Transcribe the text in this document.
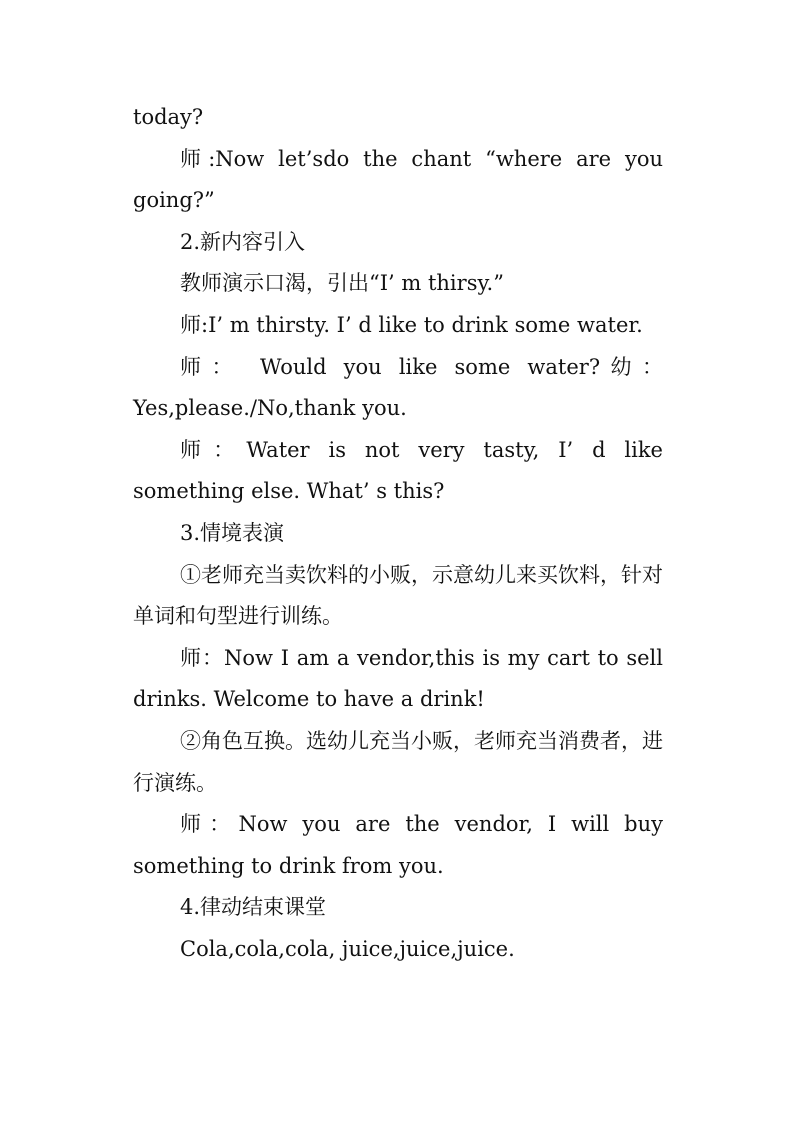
today?

师:Now let’sdo the chant “where are you going?”

2.新内容引入

教师演示口渴，引出“I’ m thirsy.”

师:I’ m thirsty. I’ d like to drink some water.

师： Would you like some water?幼：Yes,please./No,thank you.

师：Water is not very tasty, I’ d like something else. What’ s this?

3.情境表演

①老师充当卖饮料的小贩，示意幼儿来买饮料，针对单词和句型进行训练。

师：Now I am a vendor,this is my cart to sell drinks. Welcome to have a drink!

②角色互换。选幼儿充当小贩，老师充当消费者，进行演练。

师：Now you are the vendor, I will buy something to drink from you.

4.律动结束课堂

Cola,cola,cola, juice,juice,juice.
